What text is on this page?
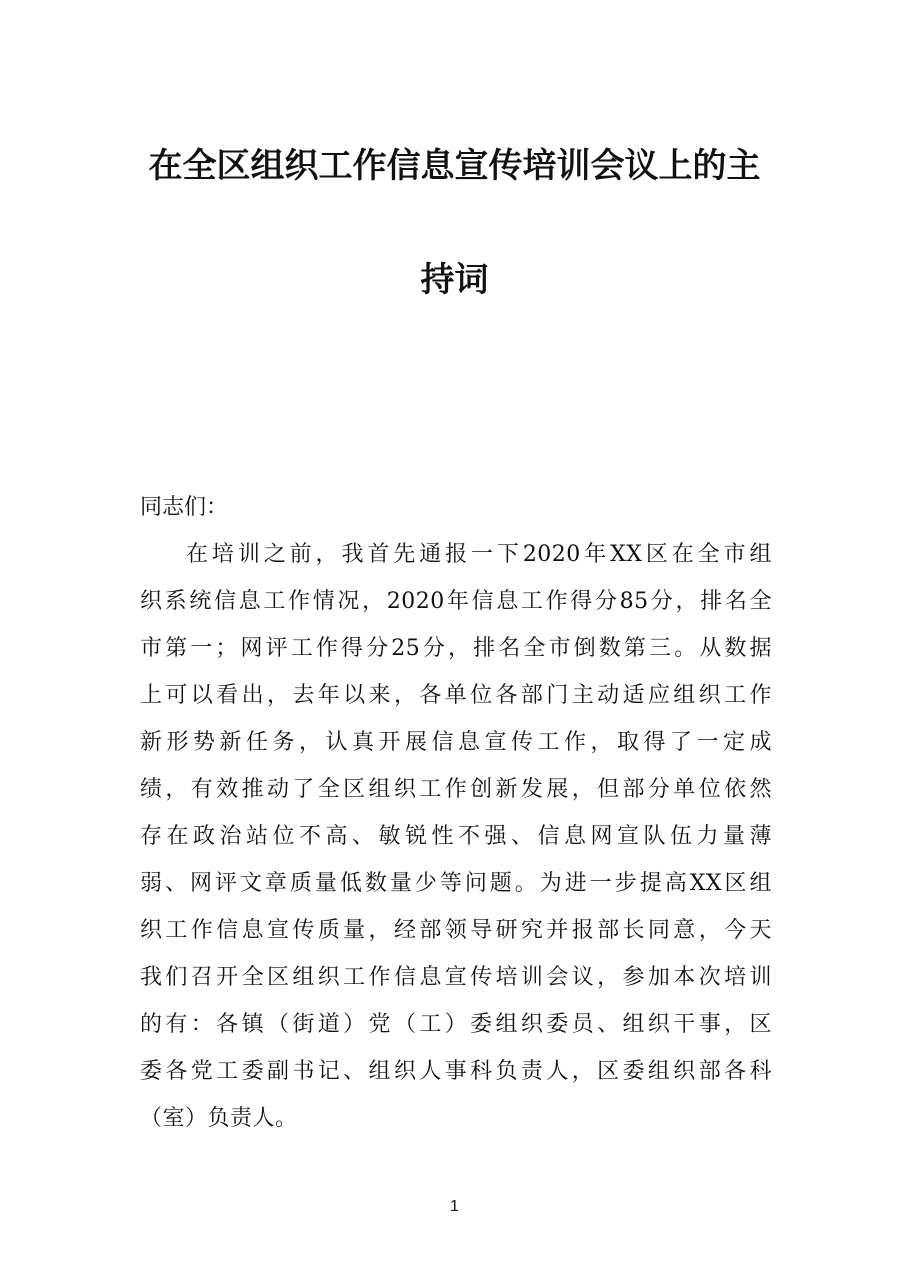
在全区组织工作信息宣传培训会议上的主
持词
同志们：
在培训之前，我首先通报一下2020年XX区在全市组
织系统信息工作情况，2020年信息工作得分85分，排名全
市第一；网评工作得分25分，排名全市倒数第三。从数据
上可以看出，去年以来，各单位各部门主动适应组织工作
新形势新任务，认真开展信息宣传工作，取得了一定成
绩，有效推动了全区组织工作创新发展，但部分单位依然
存在政治站位不高、敏锐性不强、信息网宣队伍力量薄
弱、网评文章质量低数量少等问题。为进一步提高XX区组
织工作信息宣传质量，经部领导研究并报部长同意，今天
我们召开全区组织工作信息宣传培训会议，参加本次培训
的有：各镇（街道）党（工）委组织委员、组织干事，区
委各党工委副书记、组织人事科负责人，区委组织部各科
（室）负责人。
1
